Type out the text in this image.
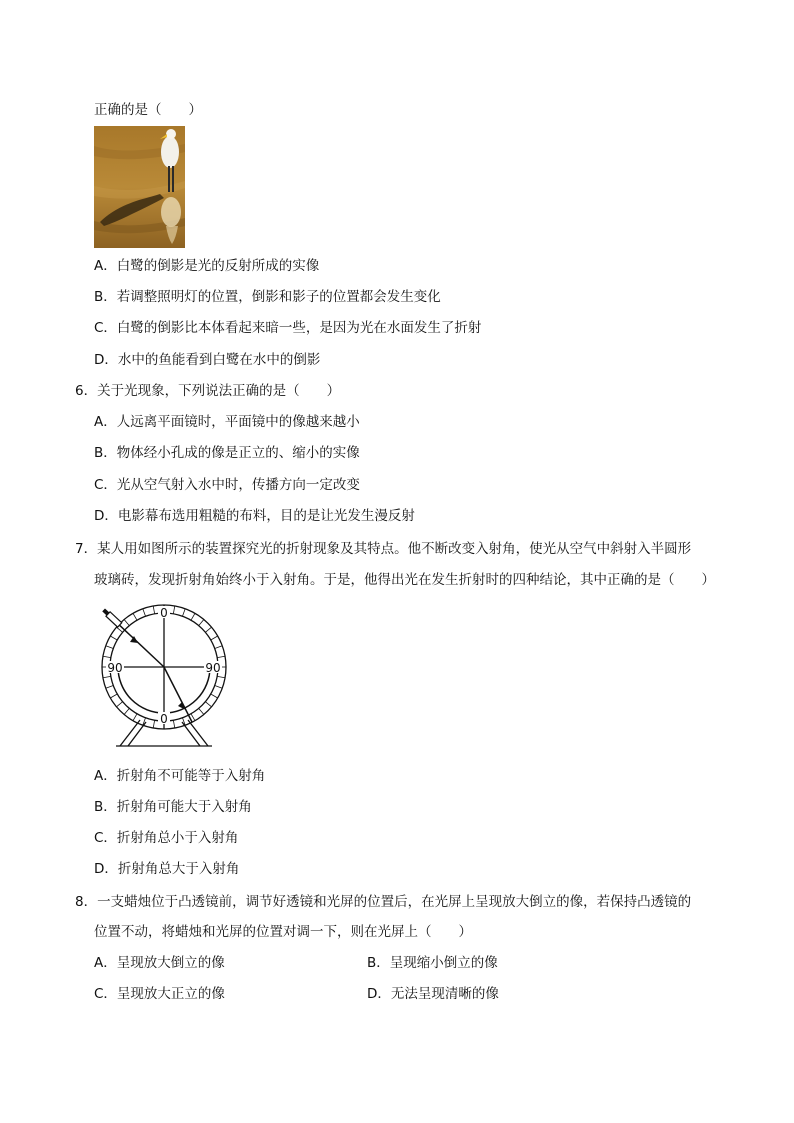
正确的是（　　）
A．白鹭的倒影是光的反射所成的实像
B．若调整照明灯的位置，倒影和影子的位置都会发生变化
C．白鹭的倒影比本体看起来暗一些，是因为光在水面发生了折射
D．水中的鱼能看到白鹭在水中的倒影
6．关于光现象，下列说法正确的是（　　）
A．人远离平面镜时，平面镜中的像越来越小
B．物体经小孔成的像是正立的、缩小的实像
C．光从空气射入水中时，传播方向一定改变
D．电影幕布选用粗糙的布料，目的是让光发生漫反射
7．某人用如图所示的装置探究光的折射现象及其特点。他不断改变入射角，使光从空气中斜射入半圆形
玻璃砖，发现折射角始终小于入射角。于是，他得出光在发生折射时的四种结论，其中正确的是（　　）
0
0
90	90
A．折射角不可能等于入射角
B．折射角可能大于入射角
C．折射角总小于入射角
D．折射角总大于入射角
8．一支蜡烛位于凸透镜前，调节好透镜和光屏的位置后，在光屏上呈现放大倒立的像，若保持凸透镜的
位置不动，将蜡烛和光屏的位置对调一下，则在光屏上（　　）
A．呈现放大倒立的像	B．呈现缩小倒立的像
C．呈现放大正立的像	D．无法呈现清晰的像
